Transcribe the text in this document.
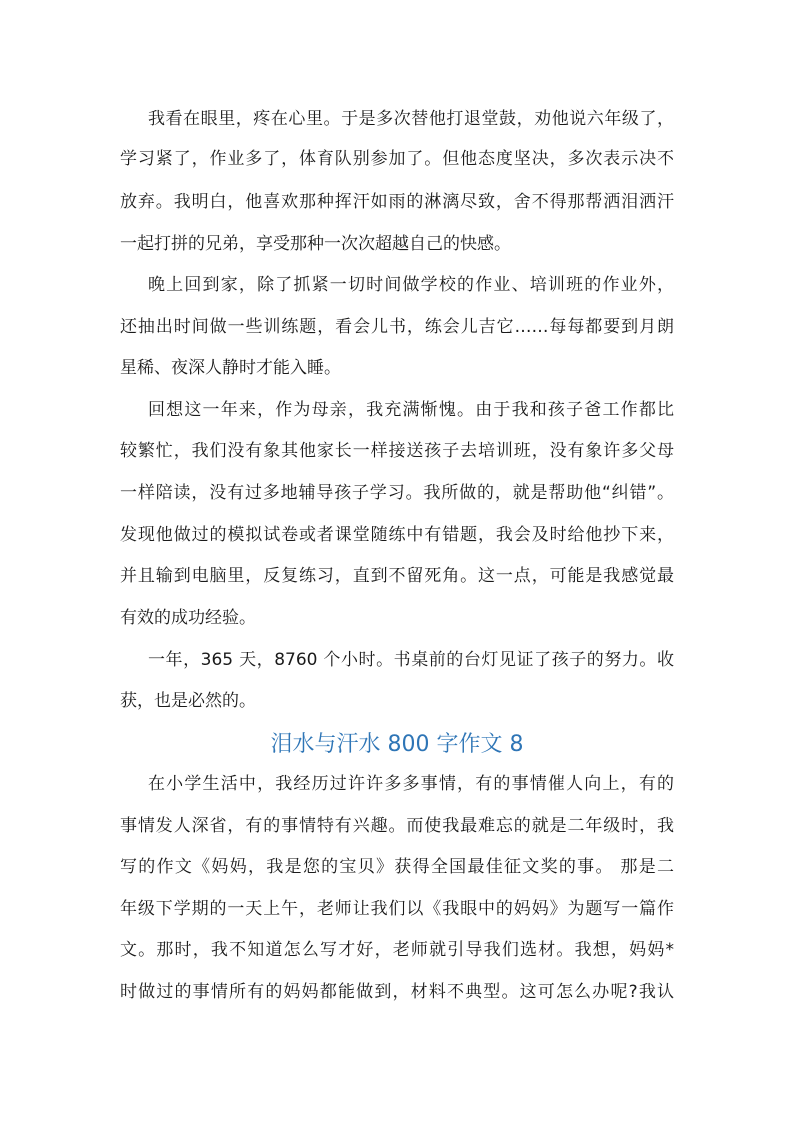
我看在眼里，疼在心里。于是多次替他打退堂鼓，劝他说六年级了，
学习紧了，作业多了，体育队别参加了。但他态度坚决，多次表示决不
放弃。我明白，他喜欢那种挥汗如雨的淋漓尽致，舍不得那帮洒泪洒汗
一起打拼的兄弟，享受那种一次次超越自己的快感。
晚上回到家，除了抓紧一切时间做学校的作业、培训班的作业外，
还抽出时间做一些训练题，看会儿书，练会儿吉它……每每都要到月朗
星稀、夜深人静时才能入睡。
回想这一年来，作为母亲，我充满惭愧。由于我和孩子爸工作都比
较繁忙，我们没有象其他家长一样接送孩子去培训班，没有象许多父母
一样陪读，没有过多地辅导孩子学习。我所做的，就是帮助他“纠错”。
发现他做过的模拟试卷或者课堂随练中有错题，我会及时给他抄下来，
并且输到电脑里，反复练习，直到不留死角。这一点，可能是我感觉最
有效的成功经验。
一年，365 天，8760 个小时。书桌前的台灯见证了孩子的努力。收
获，也是必然的。
泪水与汗水 800 字作文 8
在小学生活中，我经历过许许多多事情，有的事情催人向上，有的
事情发人深省，有的事情特有兴趣。而使我最难忘的就是二年级时，我
写的作文《妈妈，我是您的宝贝》获得全国最佳征文奖的事。 那是二
年级下学期的一天上午，老师让我们以《我眼中的妈妈》为题写一篇作
文。那时，我不知道怎么写才好，老师就引导我们选材。我想，妈妈*
时做过的事情所有的妈妈都能做到，材料不典型。这可怎么办呢?我认
